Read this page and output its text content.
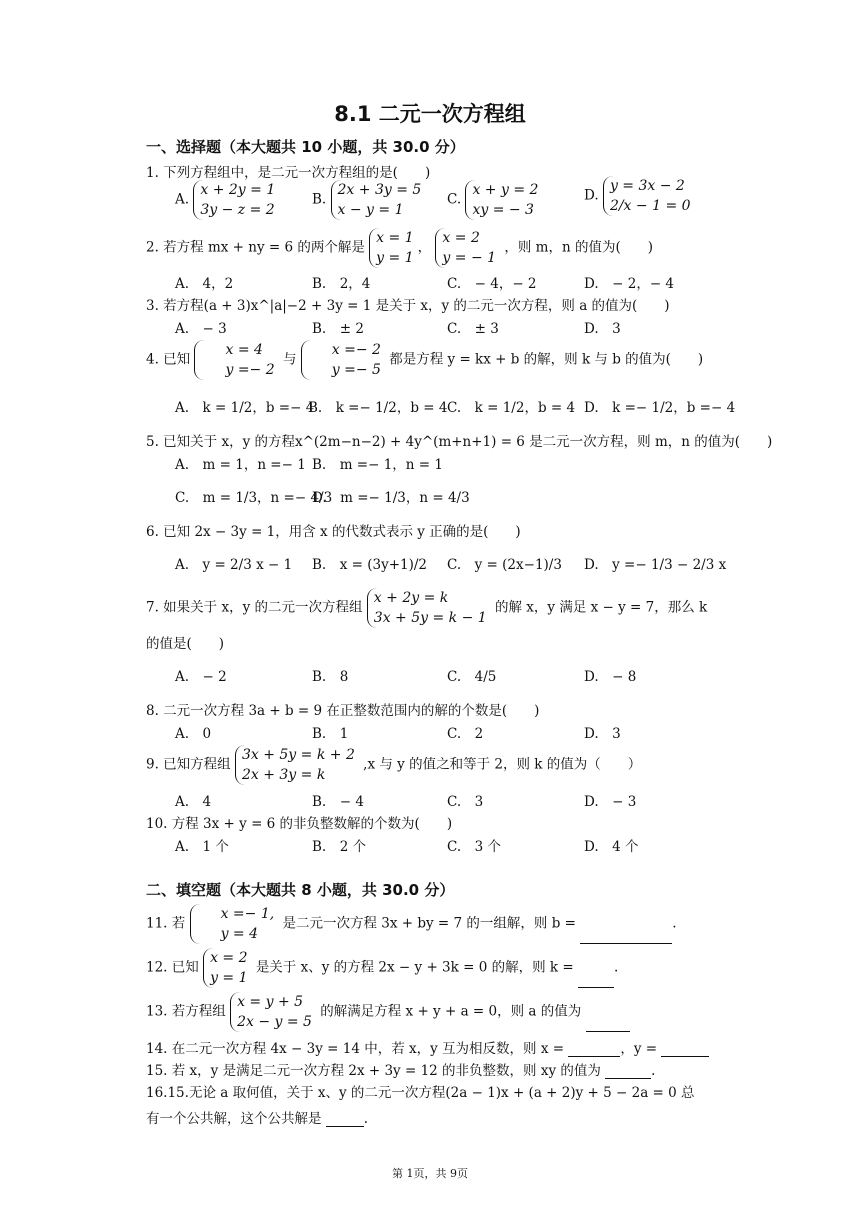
8.1 二元一次方程组
一、选择题（本大题共 10 小题，共 30.0 分）
1. 下列方程组中，是二元一次方程组的是(　　)
A.
x + 2y = 1
3y − z = 2
B.
2x + 3y = 5
x − y = 1
C.
x + y = 2
xy = − 3
D.
y = 3x − 2
2/x − 1 = 0
2. 若方程 mx + ny = 6 的两个解是
x = 1
y = 1
，
x = 2
y = − 1
，则 m，n 的值为(　　)
A.　4，2	B.　2，4	C.　− 4，− 2	D.　− 2，− 4
3. 若方程(a + 3)x^|a|−2 + 3y = 1 是关于 x，y 的二元一次方程，则 a 的值为(　　)
A.　− 3	B.　± 2	C.　± 3	D.　3
4. 已知
x = 4
y =− 2
与
x =− 2
y =− 5
都是方程 y = kx + b 的解，则 k 与 b 的值为(　　)
A.　k = 1/2，b =− 4
B.　k =− 1/2，b = 4 C.　k = 1/2，b = 4 D.　k =− 1/2，b =− 4
5. 已知关于 x，y 的方程x^(2m−n−2) + 4y^(m+n+1) = 6 是二元一次方程，则 m，n 的值为(　　)
A.　m = 1，n =− 1 B.　m =− 1，n = 1
C.　m = 1/3，n =− 4/3
D.　m =− 1/3，n = 4/3
6. 已知 2x − 3y = 1，用含 x 的代数式表示 y 正确的是(　　)
A.　y = 2/3 x − 1 B.　x = (3y+1)/2 C.　y = (2x−1)/3 D.　y =− 1/3 − 2/3 x
7. 如果关于 x，y 的二元一次方程组
x + 2y = k
3x + 5y = k − 1
的解 x，y 满足 x − y = 7，那么 k
的值是(　　)
A.　− 2	B.　8	C.　4/5	D.　− 8
8. 二元一次方程 3a + b = 9 在正整数范围内的解的个数是(　　)
A.　0	B.　1	C.　2	D.　3
9. 已知方程组
3x + 5y = k + 2
2x + 3y = k
,x 与 y 的值之和等于 2，则 k 的值为（　　）
A.　4	B.　− 4	C.　3	D.　− 3
10. 方程 3x + y = 6 的非负整数解的个数为(　　)
A.　1 个	B.　2 个	C.　3 个	D.　4 个
二、填空题（本大题共 8 小题，共 30.0 分）
11. 若
x =− 1,
y = 4
是二元一次方程 3x + by = 7 的一组解，则 b =	.
12. 已知
x = 2
y = 1
是关于 x、y 的方程 2x − y + 3k = 0 的解，则 k =	.
13. 若方程组
x = y + 5
2x − y = 5
的解满足方程 x + y + a = 0，则 a 的值为
14. 在二元一次方程 4x − 3y = 14 中，若 x，y 互为相反数，则 x =	，y =
15. 若 x，y 是满足二元一次方程 2x + 3y = 12 的非负整数，则 xy 的值为	.
16.15.无论 a 取何值，关于 x、y 的二元一次方程(2a − 1)x + (a + 2)y + 5 − 2a = 0 总
有一个公共解，这个公共解是	.
第 1页，共 9页
